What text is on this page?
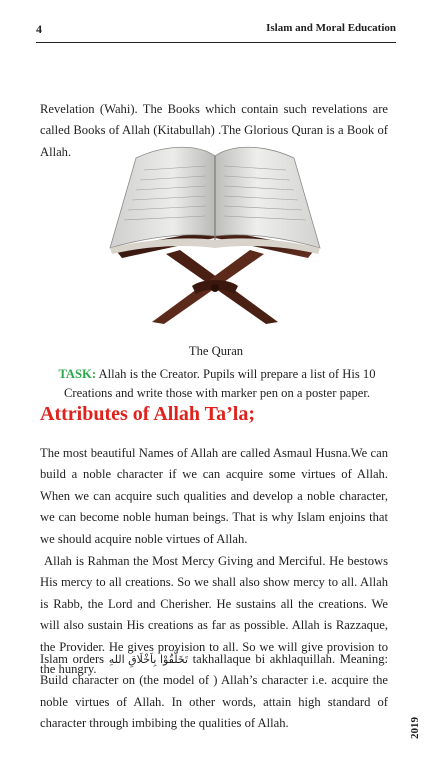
4	Islam and Moral Education

Revelation (Wahi). The Books which contain such revelations are called Books of Allah (Kitabullah) .The Glorious Quran is a Book of Allah.

The Quran
TASK: Allah is the Creator. Pupils will prepare a list of His 10 Creations and write those with marker pen on a poster paper.
Attributes of Allah Ta’la;

The most beautiful Names of Allah are called Asmaul Husna.We can build a noble character if we can acquire some virtues of Allah. When we can acquire such qualities and develop a noble character, we can become noble human beings. That is why Islam enjoins that we should acquire noble virtues of Allah.

Allah is Rahman the Most Mercy Giving and Merciful. He bestows His mercy to all creations. So we shall also show mercy to all. Allah is Rabb, the Lord and Cherisher. He sustains all the creations. We will also sustain His creations as far as possible. Allah is Razzaque, the Provider. He gives provision to all. So we will give provision to the hungry.

Islam orders تَخَلَّقُوْا بِاَخْلَاقِ اللهِ takhallaque bi akhlaquillah. Meaning: Build character on (the model of ) Allah’s character i.e. acquire the noble virtues of Allah. In other words, attain high standard of character through imbibing the qualities of Allah.	2019
